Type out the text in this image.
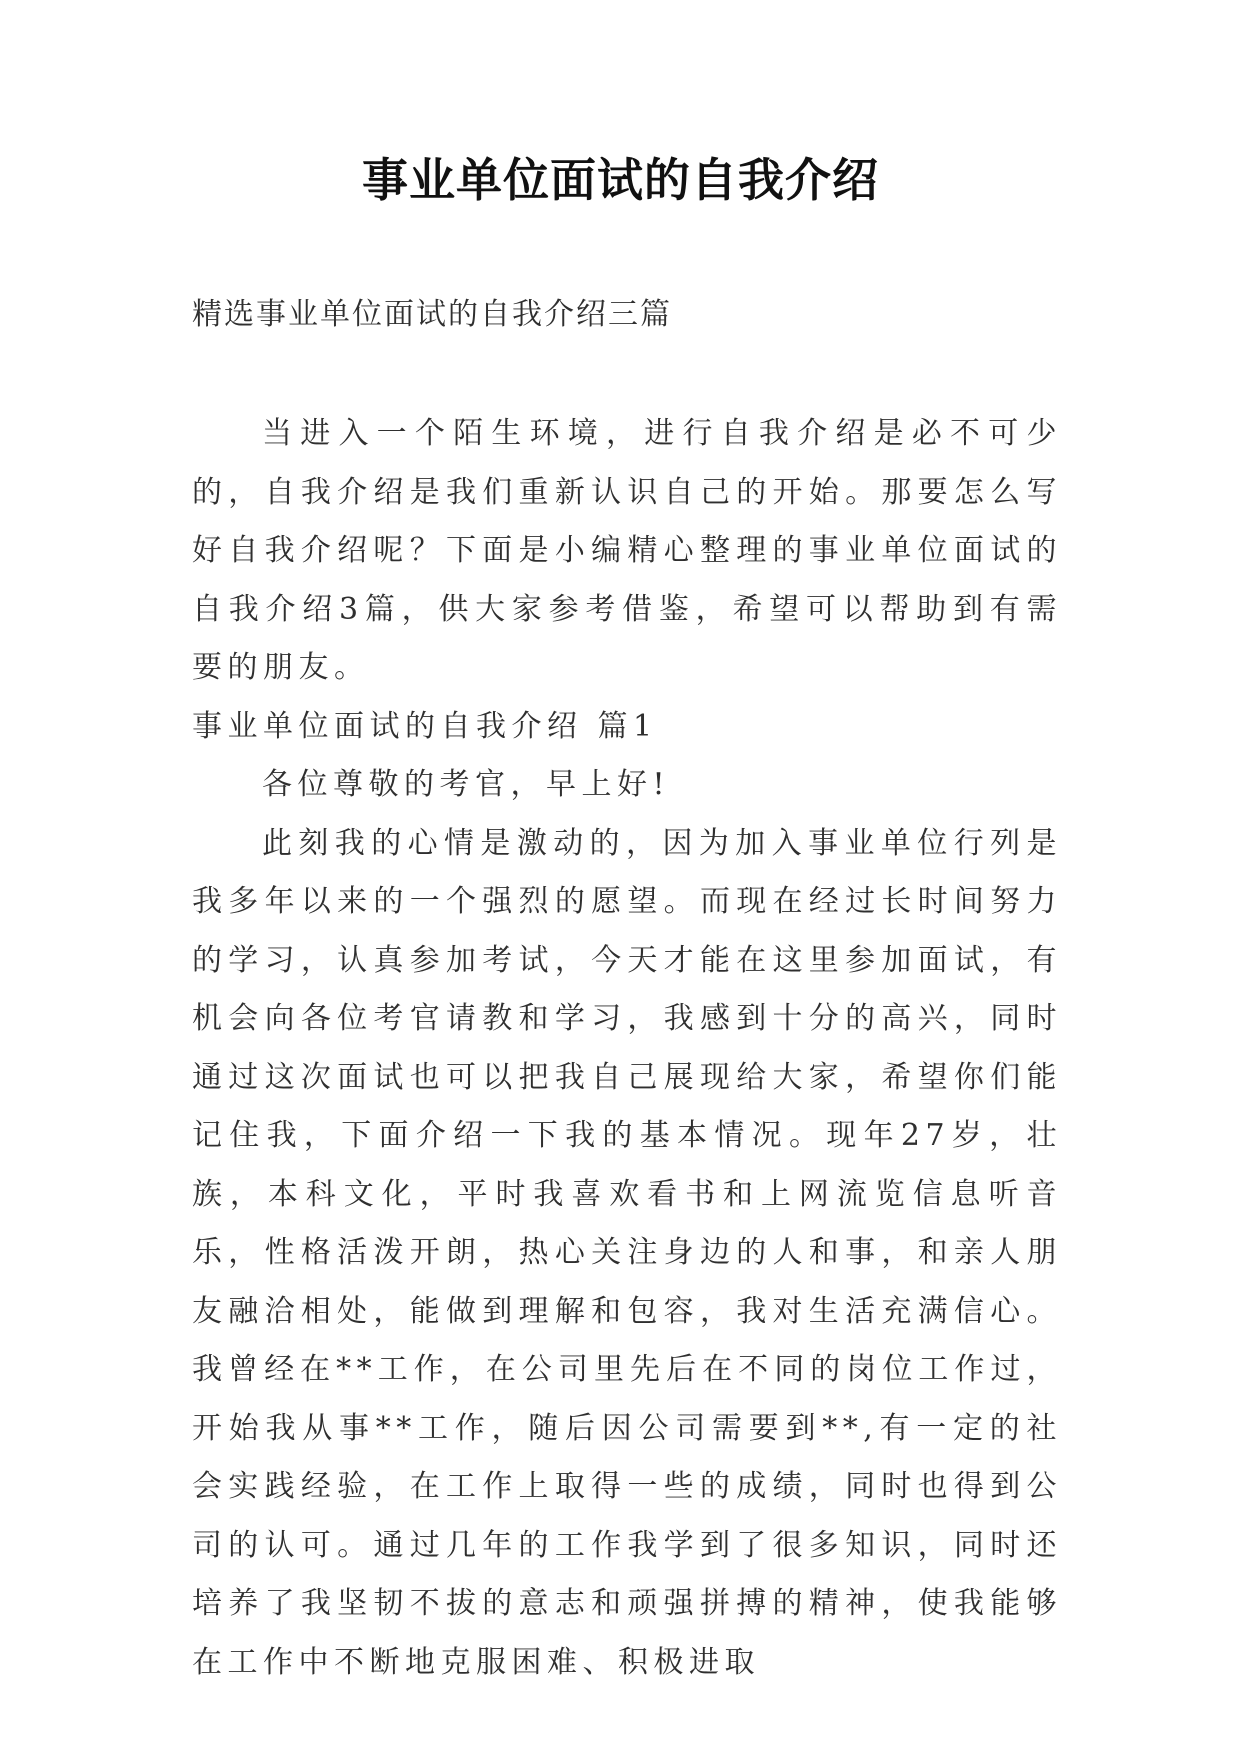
事业单位面试的自我介绍
精选事业单位面试的自我介绍三篇

当进入一个陌生环境，进行自我介绍是必不可少的，自我介绍是我们重新认识自己的开始。那要怎么写好自我介绍呢？下面是小编精心整理的事业单位面试的自我介绍3篇，供大家参考借鉴，希望可以帮助到有需要的朋友。

事业单位面试的自我介绍 篇1

各位尊敬的考官，早上好!

此刻我的心情是激动的，因为加入事业单位行列是我多年以来的一个强烈的愿望。而现在经过长时间努力的学习，认真参加考试，今天才能在这里参加面试，有机会向各位考官请教和学习，我感到十分的高兴，同时通过这次面试也可以把我自己展现给大家，希望你们能记住我，下面介绍一下我的基本情况。现年27岁，壮族，本科文化，平时我喜欢看书和上网流览信息听音乐，性格活泼开朗，热心关注身边的人和事，和亲人朋友融洽相处，能做到理解和包容，我对生活充满信心。我曾经在**工作，在公司里先后在不同的岗位工作过，开始我从事**工作，随后因公司需要到**,有一定的社会实践经验，在工作上取得一些的成绩，同时也得到公司的认可。通过几年的工作我学到了很多知识，同时还培养了我坚韧不拔的意志和顽强拼搏的精神，使我能够在工作中不断地克服困难、积极进取
